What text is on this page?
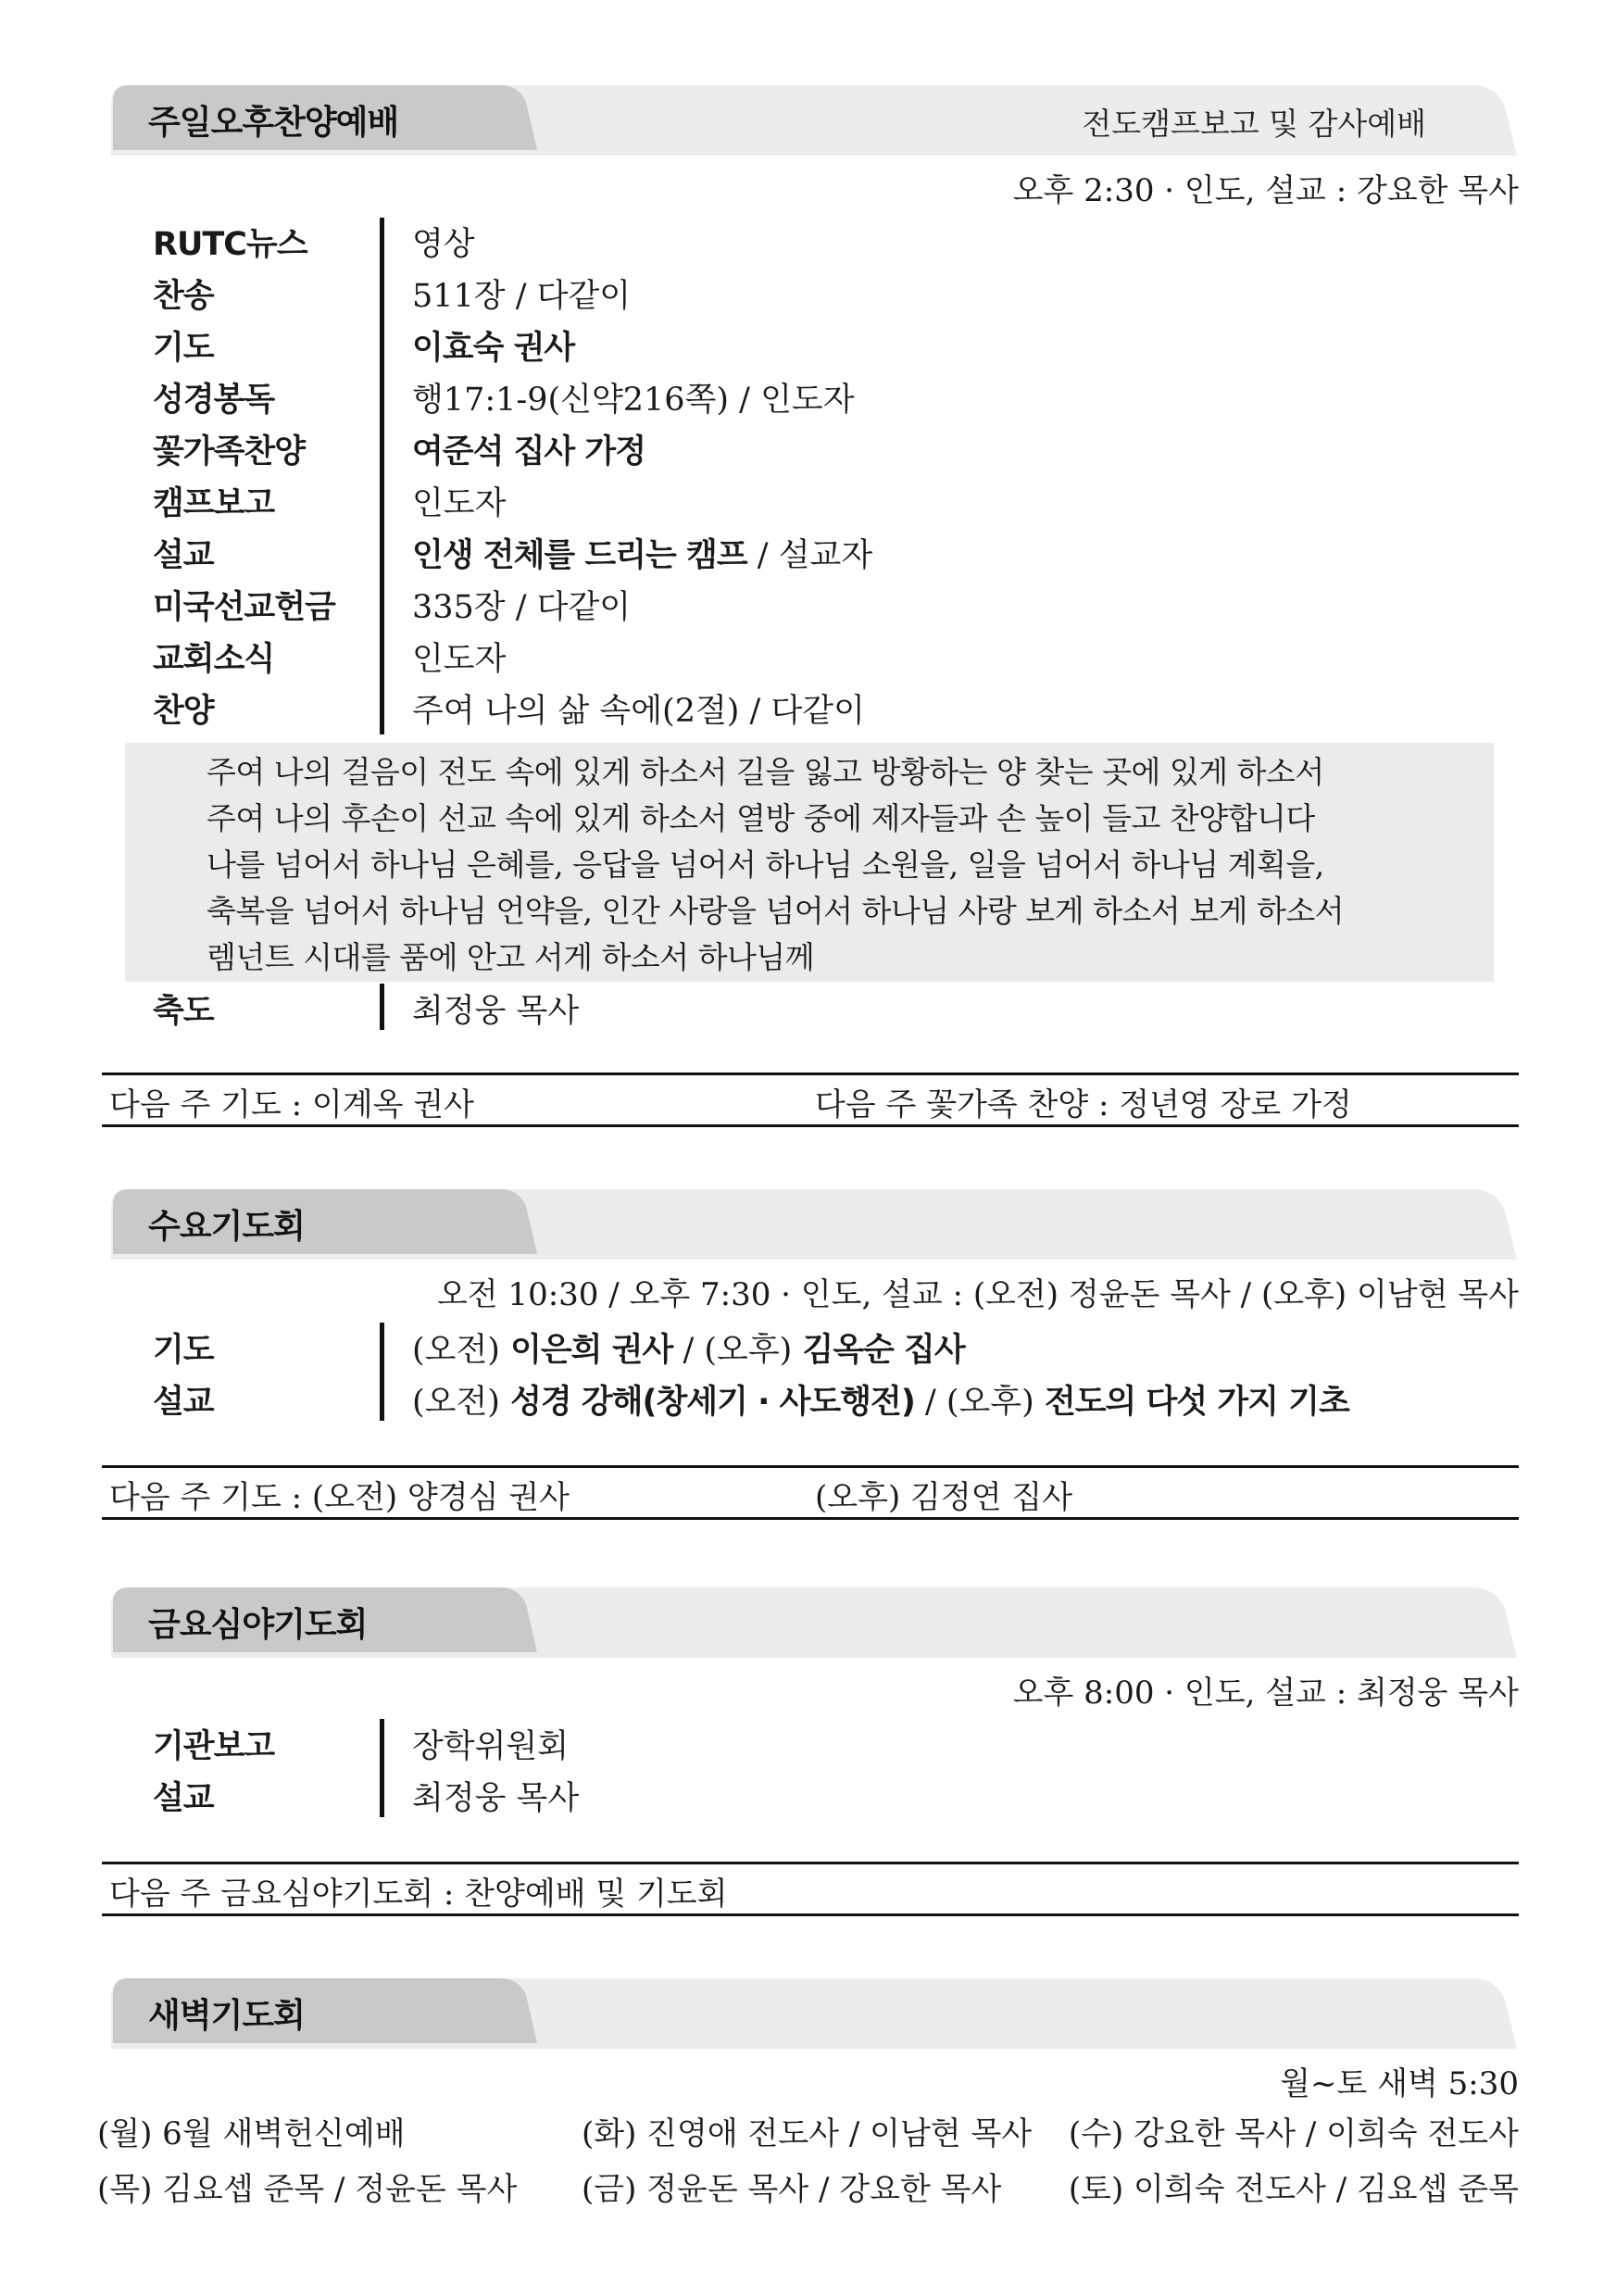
주일오후찬양예배	전도캠프보고 및 감사예배
오후 2:30 · 인도, 설교 : 강요한 목사
RUTC뉴스	영상
찬송	511장 / 다같이
기도	이효숙 권사
성경봉독	행17:1-9(신약216쪽) / 인도자
꽃가족찬양	여준석 집사 가정
캠프보고	인도자
설교	인생 전체를 드리는 캠프 / 설교자
미국선교헌금 335장 / 다같이
교회소식	인도자
찬양	주여 나의 삶 속에(2절) / 다같이
주여 나의 걸음이 전도 속에 있게 하소서 길을 잃고 방황하는 양 찾는 곳에 있게 하소서
주여 나의 후손이 선교 속에 있게 하소서 열방 중에 제자들과 손 높이 들고 찬양합니다
나를 넘어서 하나님 은혜를, 응답을 넘어서 하나님 소원을, 일을 넘어서 하나님 계획을,
축복을 넘어서 하나님 언약을, 인간 사랑을 넘어서 하나님 사랑 보게 하소서 보게 하소서
렘넌트 시대를 품에 안고 서게 하소서 하나님께
축도	최정웅 목사
다음 주 기도 : 이계옥 권사	다음 주 꽃가족 찬양 : 정년영 장로 가정
수요기도회
오전 10:30 / 오후 7:30 · 인도, 설교 : (오전) 정윤돈 목사 / (오후) 이남현 목사
기도	(오전) 이은희 권사 / (오후) 김옥순 집사
설교	(오전) 성경 강해(창세기 · 사도행전) / (오후) 전도의 다섯 가지 기초
다음 주 기도 : (오전) 양경심 권사	(오후) 김정연 집사
금요심야기도회
오후 8:00 · 인도, 설교 : 최정웅 목사
기관보고	장학위원회
설교	최정웅 목사
다음 주 금요심야기도회 : 찬양예배 및 기도회
새벽기도회
월~토 새벽 5:30
(월) 6월 새벽헌신예배	(화) 진영애 전도사 / 이남현 목사 (수) 강요한 목사 / 이희숙 전도사
(목) 김요셉 준목 / 정윤돈 목사 (금) 정윤돈 목사 / 강요한 목사 (토) 이희숙 전도사 / 김요셉 준목
